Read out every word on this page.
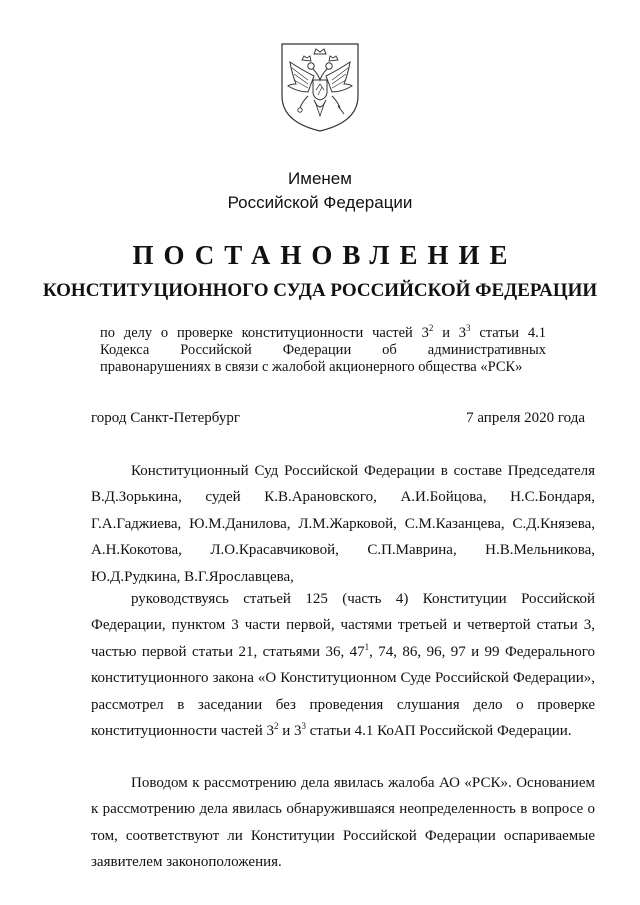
Именем
Российской Федерации
ПОСТАНОВЛЕНИЕ
КОНСТИТУЦИОННОГО СУДА РОССИЙСКОЙ ФЕДЕРАЦИИ
по делу о проверке конституционности частей $3^2$ и $3^3$ статьи 4.1 Кодекса Российской Федерации об административных правонарушениях в связи с жалобой акционерного общества «РСК»
город Санкт-Петербург	7 апреля 2020 года

Конституционный Суд Российской Федерации в составе Председателя В.Д.Зорькина, судей К.В.Арановского, А.И.Бойцова, Н.С.Бондаря, Г.А.Гаджиева, Ю.М.Данилова, Л.М.Жарковой, С.М.Казанцева, С.Д.Князева, А.Н.Кокотова, Л.О.Красавчиковой, С.П.Маврина, Н.В.Мельникова, Ю.Д.Рудкина, В.Г.Ярославцева,

руководствуясь статьей 125 (часть 4) Конституции Российской Федерации, пунктом 3 части первой, частями третьей и четвертой статьи 3, частью первой статьи 21, статьями 36, $47^1$, 74, 86, 96, 97 и 99 Федерального конституционного закона «О Конституционном Суде Российской Федерации», рассмотрел в заседании без проведения слушания дело о проверке конституционности частей $3^2$ и $3^3$ статьи 4.1 КоАП Российской Федерации.

Поводом к рассмотрению дела явилась жалоба АО «РСК». Основанием к рассмотрению дела явилась обнаружившаяся неопределенность в вопросе о том, соответствуют ли Конституции Российской Федерации оспариваемые заявителем законоположения.
